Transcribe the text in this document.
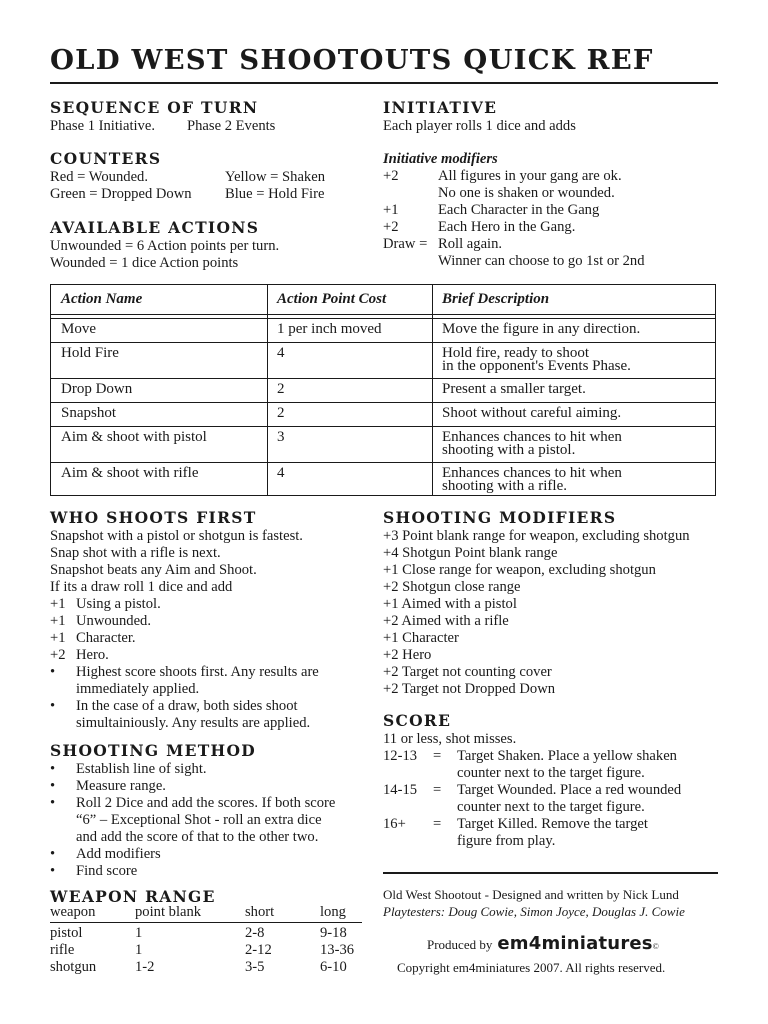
OLD WEST SHOOTOUTS QUICK REF
SEQUENCE OF TURN
Phase 1 Initiative.	Phase 2 Events
COUNTERS
Red = Wounded.	Yellow = Shaken
Green = Dropped Down	Blue = Hold Fire
AVAILABLE ACTIONS
Unwounded = 6 Action points per turn.
Wounded = 1 dice Action points
INITIATIVE
Each player rolls 1 dice and adds
Initiative modifiers
+2	All figures in your gang are ok.
No one is shaken or wounded.
+1	Each Character in the Gang
+2	Each Hero in the Gang.
Draw = Roll again.
Winner can choose to go 1st or 2nd
Action Name	Action Point Cost	Brief Description
Move	1 per inch moved	Move the figure in any direction.
Hold Fire	4	Hold fire, ready to shoot
in the opponent's Events Phase.
Drop Down	2	Present a smaller target.
Snapshot	2	Shoot without careful aiming.
Aim & shoot with pistol	3	Enhances chances to hit when
shooting with a pistol.
Aim & shoot with rifle	4	Enhances chances to hit when
shooting with a rifle.
WHO SHOOTS FIRST
Snapshot with a pistol or shotgun is fastest.
Snap shot with a rifle is next.
Snapshot beats any Aim and Shoot.
If its a draw roll 1 dice and add
+1 Using a pistol.
+1 Unwounded.
+1 Character.
+2 Hero.
•	Highest score shoots first. Any results are
immediately applied.
•	In the case of a draw, both sides shoot
simultainiously. Any results are applied.
SHOOTING METHOD
•	Establish line of sight.
•	Measure range.
•	Roll 2 Dice and add the scores. If both score
“6” – Exceptional Shot - roll an extra dice
and add the score of that to the other two.
•	Add modifiers
•	Find score
WEAPON RANGE
weapon	point blank	short	long
pistol	1	2-8	9-18
rifle	1	2-12	13-36
shotgun	1-2	3-5	6-10
SHOOTING MODIFIERS
+3 Point blank range for weapon, excluding shotgun
+4 Shotgun Point blank range
+1 Close range for weapon, excluding shotgun
+2 Shotgun close range
+1 Aimed with a pistol
+2 Aimed with a rifle
+1 Character
+2 Hero
+2 Target not counting cover
+2 Target not Dropped Down
SCORE
11 or less, shot misses.
12-13	=	Target Shaken. Place a yellow shaken
counter next to the target figure.
14-15	=	Target Wounded. Place a red wounded
counter next to the target figure.
16+	=	Target Killed. Remove the target
figure from play.
Old West Shootout - Designed and written by Nick Lund
Playtesters: Doug Cowie, Simon Joyce, Douglas J. Cowie
Produced by em4miniatures ©
Copyright em4miniatures 2007. All rights reserved.
